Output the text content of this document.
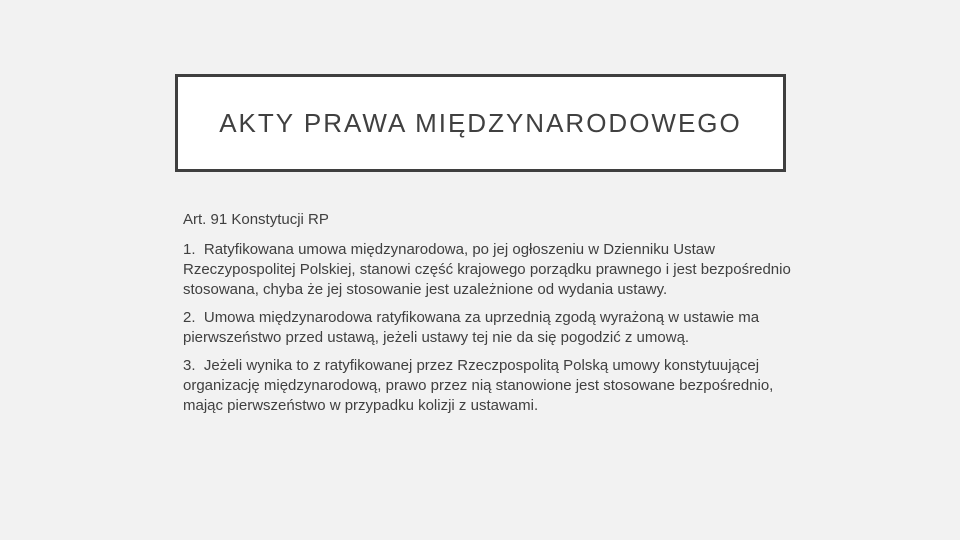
AKTY PRAWA MIĘDZYNARODOWEGO
Art. 91 Konstytucji RP
1. Ratyfikowana umowa międzynarodowa, po jej ogłoszeniu w Dzienniku Ustaw Rzeczypospolitej Polskiej, stanowi część krajowego porządku prawnego i jest bezpośrednio stosowana, chyba że jej stosowanie jest uzależnione od wydania ustawy.
2. Umowa międzynarodowa ratyfikowana za uprzednią zgodą wyrażoną w ustawie ma pierwszeństwo przed ustawą, jeżeli ustawy tej nie da się pogodzić z umową.
3. Jeżeli wynika to z ratyfikowanej przez Rzeczpospolitą Polską umowy konstytuującej organizację międzynarodową, prawo przez nią stanowione jest stosowane bezpośrednio, mając pierwszeństwo w przypadku kolizji z ustawami.
